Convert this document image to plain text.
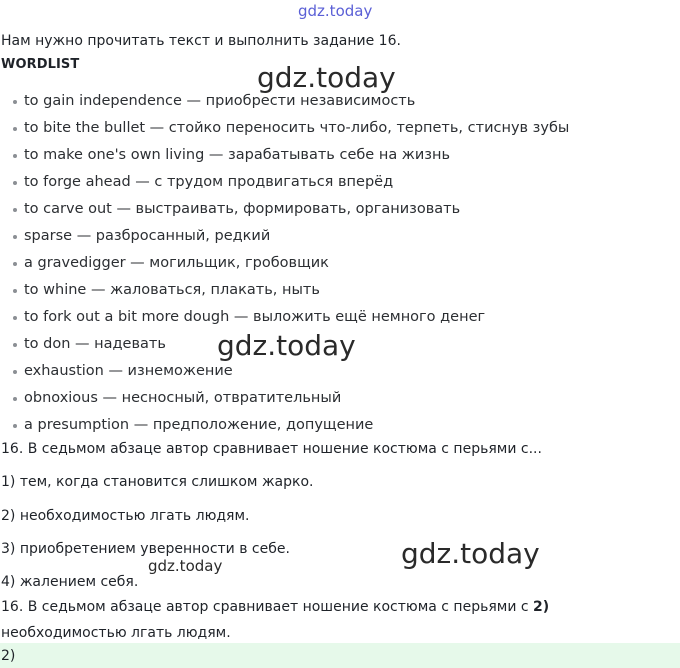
gdz.today
gdz.today
gdz.today
gdz.today
gdz.today
Нам нужно прочитать текст и выполнить задание 16.
WORDLIST
to gain independence — приобрести независимость
to bite the bullet — стойко переносить что-либо, терпеть, стиснув зубы
to make one's own living — зарабатывать себе на жизнь
to forge ahead — с трудом продвигаться вперёд
to carve out — выстраивать, формировать, организовать
sparse — разбросанный, редкий
a gravedigger — могильщик, гробовщик
to whine — жаловаться, плакать, ныть
to fork out a bit more dough — выложить ещё немного денег
to don — надевать
exhaustion — изнеможение
obnoxious — несносный, отвратительный
a presumption — предположение, допущение
16. В седьмом абзаце автор сравнивает ношение костюма с перьями с...
1) тем, когда становится слишком жарко.
2) необходимостью лгать людям.
3) приобретением уверенности в себе.
4) жалением себя.
16. В седьмом абзаце автор сравнивает ношение костюма с перьями с 2)
необходимостью лгать людям.
2)
